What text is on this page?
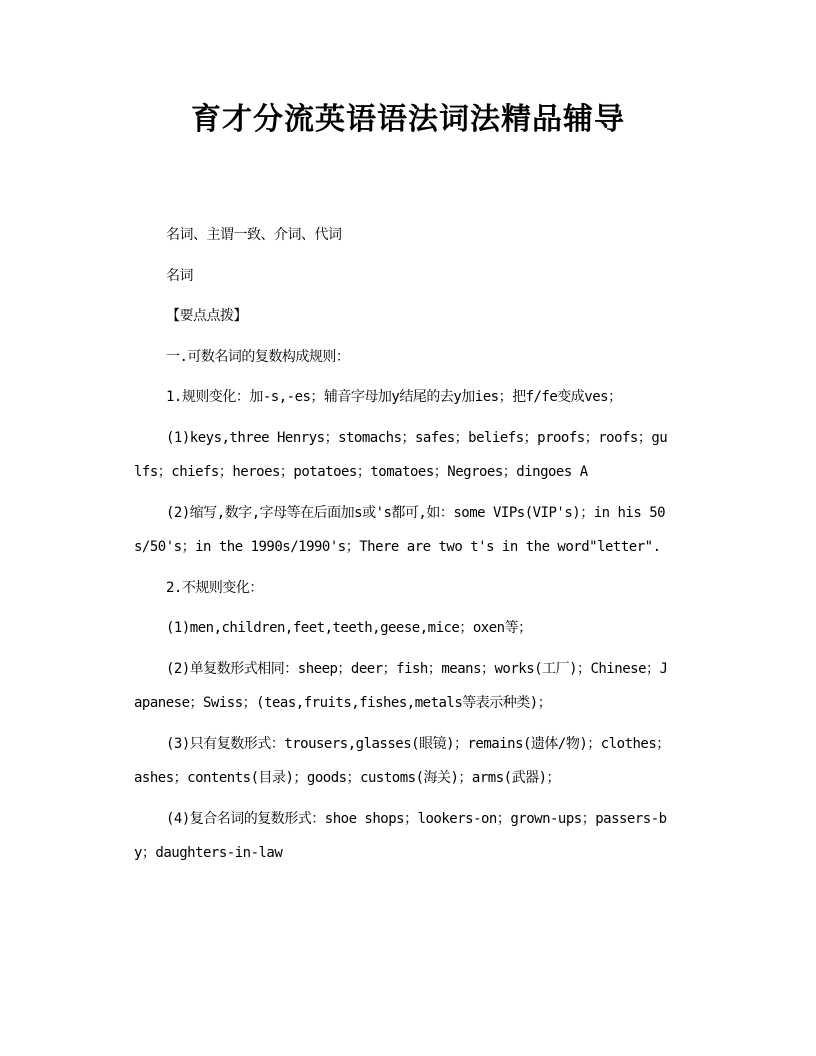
育才分流英语语法词法精品辅导

名词、主谓一致、介词、代词

名词

【要点点拨】

一.可数名词的复数构成规则：

1.规则变化：加-s,-es；辅音字母加y结尾的去y加ies；把f/fe变成ves；

(1)keys,three Henrys；stomachs；safes；beliefs；proofs；roofs；gulfs；chiefs；heroes；potatoes；tomatoes；Negroes；dingoes A

(2)缩写,数字,字母等在后面加s或's都可,如：some VIPs(VIP's)；in his 50s/50's；in the 1990s/1990's；There are two t's in the word"letter".

2.不规则变化：

(1)men,children,feet,teeth,geese,mice；oxen等；

(2)单复数形式相同：sheep；deer；fish；means；works(工厂)；Chinese；Japanese；Swiss；(teas,fruits,fishes,metals等表示种类)；

(3)只有复数形式：trousers,glasses(眼镜)；remains(遗体/物)；clothes；ashes；contents(目录)；goods；customs(海关)；arms(武器)；

(4)复合名词的复数形式：shoe shops；lookers-on；grown-ups；passers-by；daughters-in-law
